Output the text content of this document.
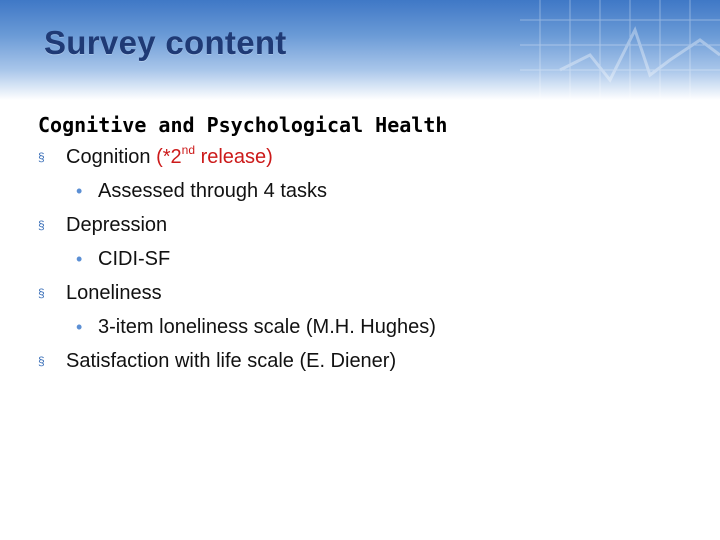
Survey content
Cognitive and Psychological Health
§ Cognition (*2nd release)
• Assessed through 4 tasks
§ Depression
• CIDI-SF
§ Loneliness
• 3-item loneliness scale (M.H. Hughes)
§ Satisfaction with life scale (E. Diener)
